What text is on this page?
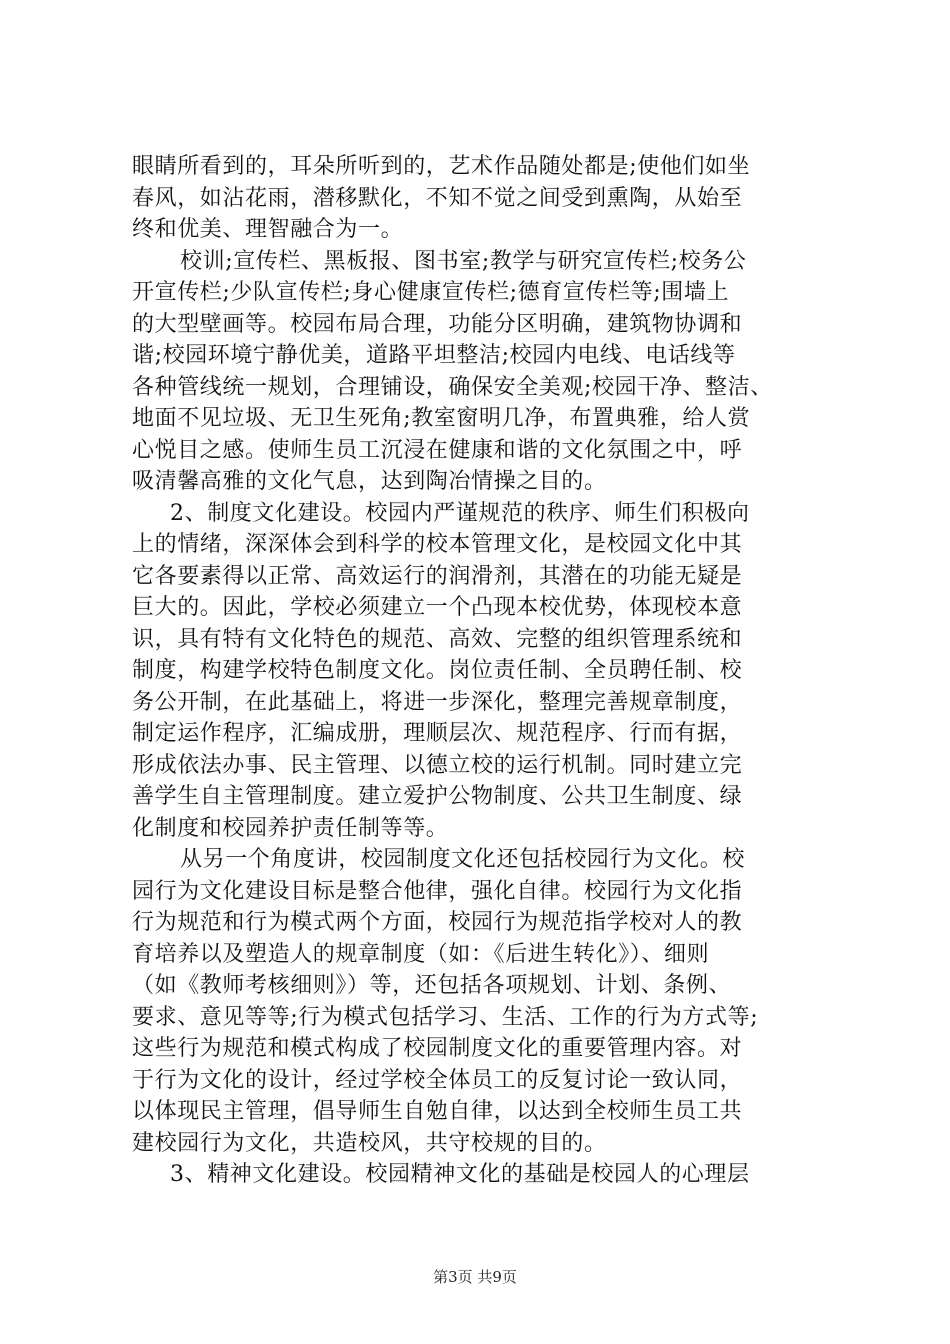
眼睛所看到的，耳朵所听到的，艺术作品随处都是;使他们如坐
春风，如沾花雨，潜移默化，不知不觉之间受到熏陶，从始至
终和优美、理智融合为一。
校训;宣传栏、黑板报、图书室;教学与研究宣传栏;校务公
开宣传栏;少队宣传栏;身心健康宣传栏;德育宣传栏等;围墙上
的大型壁画等。校园布局合理，功能分区明确，建筑物协调和
谐;校园环境宁静优美，道路平坦整洁;校园内电线、电话线等
各种管线统一规划，合理铺设，确保安全美观;校园干净、整洁、
地面不见垃圾、无卫生死角;教室窗明几净，布置典雅，给人赏
心悦目之感。使师生员工沉浸在健康和谐的文化氛围之中，呼
吸清馨高雅的文化气息，达到陶冶情操之目的。
2、制度文化建设。校园内严谨规范的秩序、师生们积极向
上的情绪，深深体会到科学的校本管理文化，是校园文化中其
它各要素得以正常、高效运行的润滑剂，其潜在的功能无疑是
巨大的。因此，学校必须建立一个凸现本校优势，体现校本意
识，具有特有文化特色的规范、高效、完整的组织管理系统和
制度，构建学校特色制度文化。岗位责任制、全员聘任制、校
务公开制，在此基础上，将进一步深化，整理完善规章制度，
制定运作程序，汇编成册，理顺层次、规范程序、行而有据，
形成依法办事、民主管理、以德立校的运行机制。同时建立完
善学生自主管理制度。建立爱护公物制度、公共卫生制度、绿
化制度和校园养护责任制等等。
从另一个角度讲，校园制度文化还包括校园行为文化。校
园行为文化建设目标是整合他律，强化自律。校园行为文化指
行为规范和行为模式两个方面，校园行为规范指学校对人的教
育培养以及塑造人的规章制度（如：《后进生转化》）、细则
（如《教师考核细则》）等，还包括各项规划、计划、条例、
要求、意见等等;行为模式包括学习、生活、工作的行为方式等;
这些行为规范和模式构成了校园制度文化的重要管理内容。对
于行为文化的设计，经过学校全体员工的反复讨论一致认同，
以体现民主管理，倡导师生自勉自律，以达到全校师生员工共
建校园行为文化，共造校风，共守校规的目的。
3、精神文化建设。校园精神文化的基础是校园人的心理层
第3页 共9页
